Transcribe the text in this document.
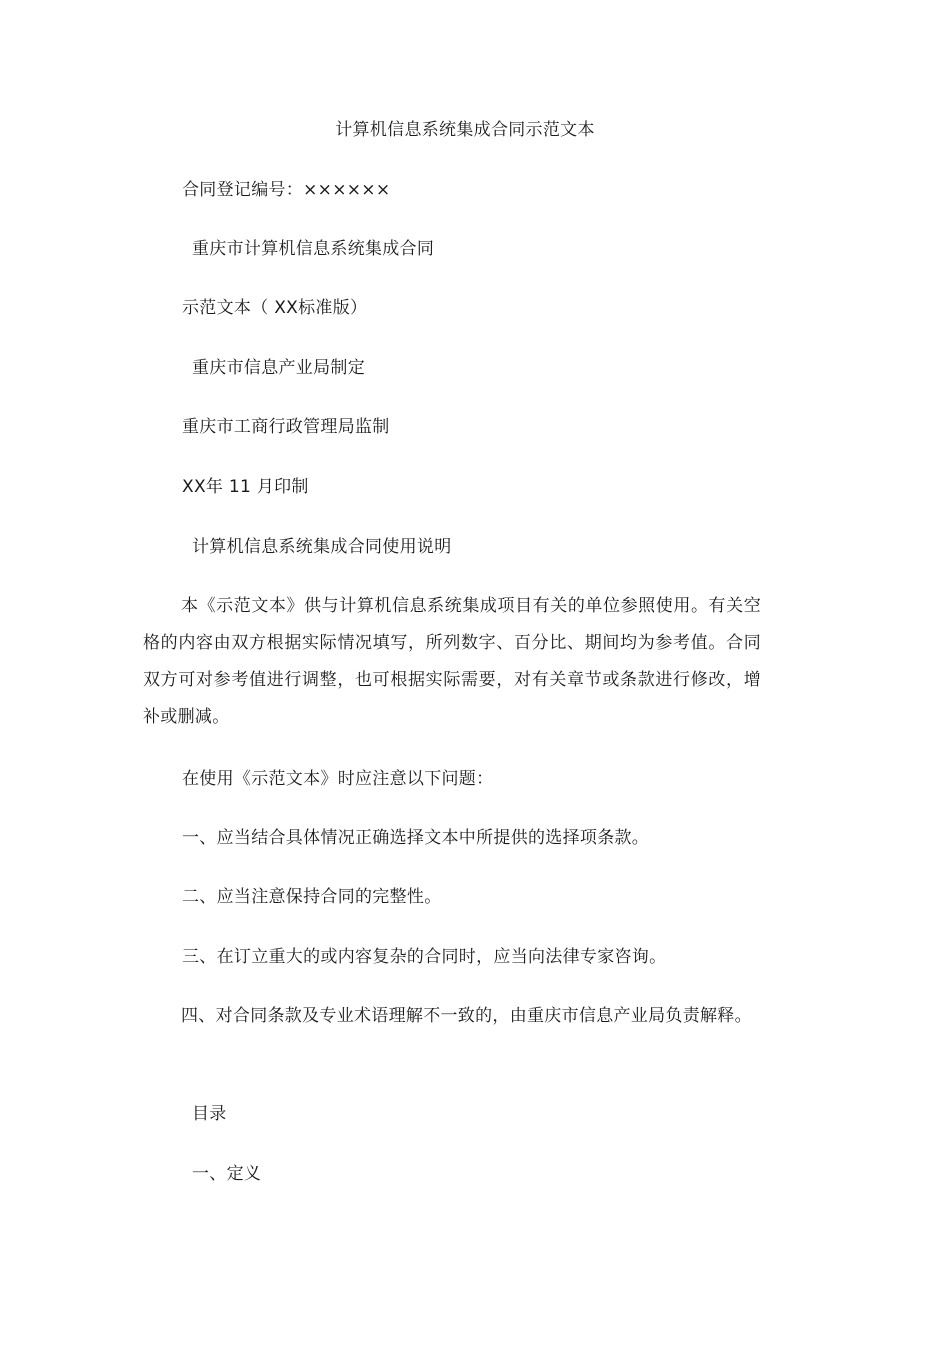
计算机信息系统集成合同示范文本
合同登记编号：××××××
重庆市计算机信息系统集成合同
示范文本（ XX标准版）
重庆市信息产业局制定
重庆市工商行政管理局监制
XX年 11 月印制
计算机信息系统集成合同使用说明
本《示范文本》供与计算机信息系统集成项目有关的单位参照使用。有关空格的内容由双方根据实际情况填写，所列数字、百分比、期间均为参考值。合同双方可对参考值进行调整，也可根据实际需要，对有关章节或条款进行修改，增补或删减。
在使用《示范文本》时应注意以下问题：
一、应当结合具体情况正确选择文本中所提供的选择项条款。
二、应当注意保持合同的完整性。
三、在订立重大的或内容复杂的合同时，应当向法律专家咨询。
四、对合同条款及专业术语理解不一致的，由重庆市信息产业局负责解释。
目录
一、定义
